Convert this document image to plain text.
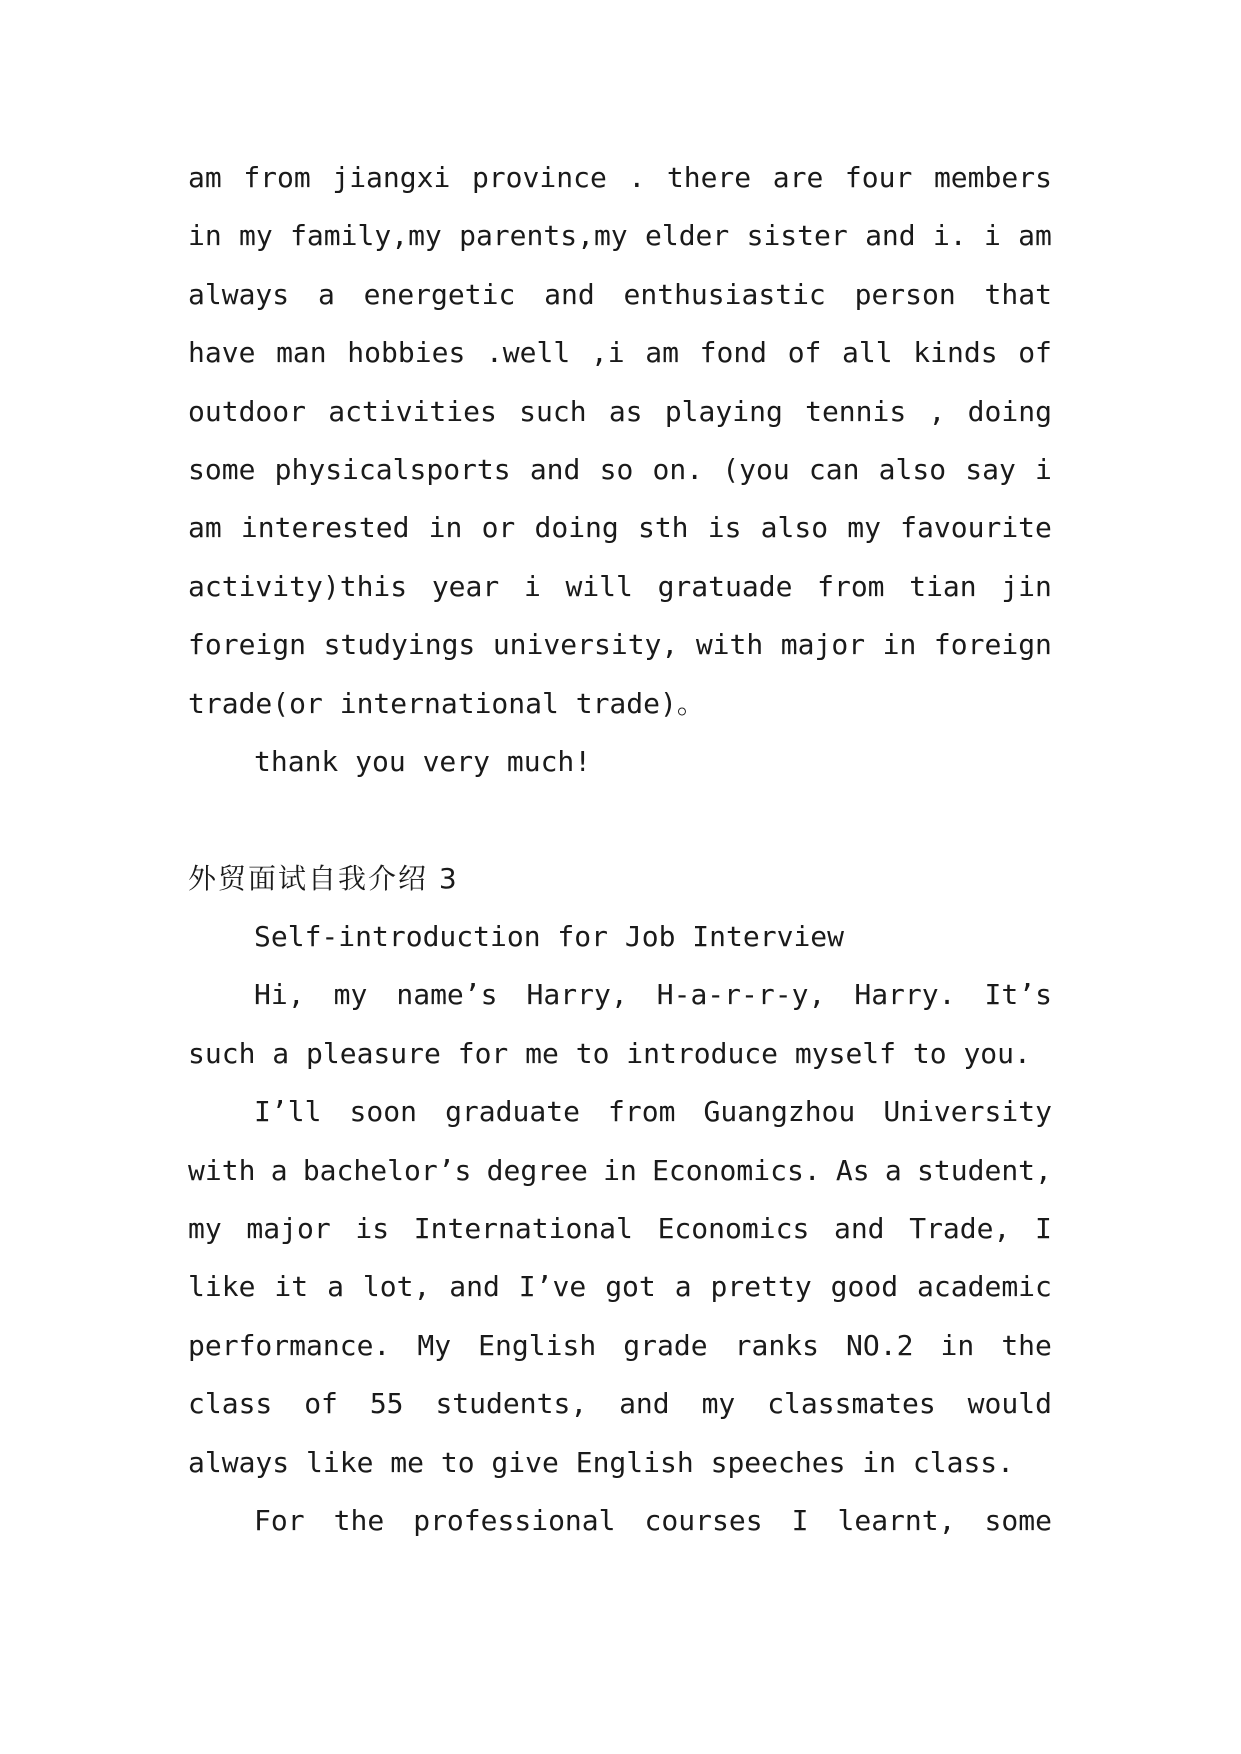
am from jiangxi province . there are four members
in my family,my parents,my elder sister and i. i am
always a energetic and enthusiastic person that
have man hobbies .well ,i am fond of all kinds of
outdoor activities such as playing tennis , doing
some physicalsports and so on. (you can also say i
am interested in or doing sth is also my favourite
activity)this year i will gratuade from tian jin
foreign studyings university, with major in foreign
trade(or international trade)。
thank you very much!
外贸面试自我介绍 3
Self-introduction for Job Interview
Hi, my name’s Harry, H-a-r-r-y, Harry. It’s
such a pleasure for me to introduce myself to you.
I’ll soon graduate from Guangzhou University
with a bachelor’s degree in Economics. As a student,
my major is International Economics and Trade, I
like it a lot, and I’ve got a pretty good academic
performance. My English grade ranks NO.2 in the
class of 55 students, and my classmates would
always like me to give English speeches in class.
For the professional courses I learnt, some
